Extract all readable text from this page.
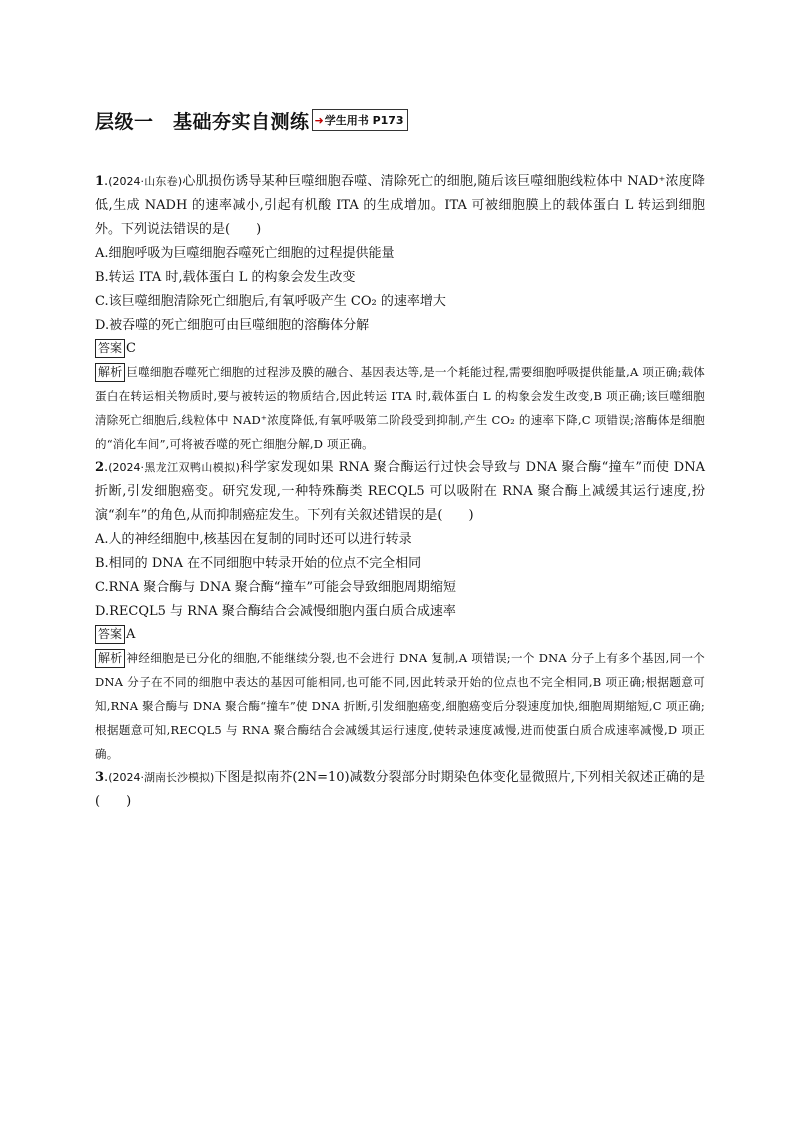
层级一　基础夯实自测练 ➜ 学生用书 P173

1.(2024·山东卷)心肌损伤诱导某种巨噬细胞吞噬、清除死亡的细胞,随后该巨噬细胞线粒体中 NAD⁺浓度降低,生成 NADH 的速率减小,引起有机酸 ITA 的生成增加。ITA 可被细胞膜上的载体蛋白 L 转运到细胞外。下列说法错误的是(　　)

A.细胞呼吸为巨噬细胞吞噬死亡细胞的过程提供能量

B.转运 ITA 时,载体蛋白 L 的构象会发生改变

C.该巨噬细胞清除死亡细胞后,有氧呼吸产生 CO₂ 的速率增大

D.被吞噬的死亡细胞可由巨噬细胞的溶酶体分解

答案 C

解析 巨噬细胞吞噬死亡细胞的过程涉及膜的融合、基因表达等,是一个耗能过程,需要细胞呼吸提供能量,A 项正确;载体蛋白在转运相关物质时,要与被转运的物质结合,因此转运 ITA 时,载体蛋白 L 的构象会发生改变,B 项正确;该巨噬细胞清除死亡细胞后,线粒体中 NAD⁺浓度降低,有氧呼吸第二阶段受到抑制,产生 CO₂ 的速率下降,C 项错误;溶酶体是细胞的“消化车间”,可将被吞噬的死亡细胞分解,D 项正确。

2.(2024·黑龙江双鸭山模拟)科学家发现如果 RNA 聚合酶运行过快会导致与 DNA 聚合酶“撞车”而使 DNA 折断,引发细胞癌变。研究发现,一种特殊酶类 RECQL5 可以吸附在 RNA 聚合酶上减缓其运行速度,扮演“刹车”的角色,从而抑制癌症发生。下列有关叙述错误的是(　　)

A.人的神经细胞中,核基因在复制的同时还可以进行转录

B.相同的 DNA 在不同细胞中转录开始的位点不完全相同

C.RNA 聚合酶与 DNA 聚合酶“撞车”可能会导致细胞周期缩短

D.RECQL5 与 RNA 聚合酶结合会减慢细胞内蛋白质合成速率

答案 A

解析 神经细胞是已分化的细胞,不能继续分裂,也不会进行 DNA 复制,A 项错误;一个 DNA 分子上有多个基因,同一个 DNA 分子在不同的细胞中表达的基因可能相同,也可能不同,因此转录开始的位点也不完全相同,B 项正确;根据题意可知,RNA 聚合酶与 DNA 聚合酶“撞车”使 DNA 折断,引发细胞癌变,细胞癌变后分裂速度加快,细胞周期缩短,C 项正确;根据题意可知,RECQL5 与 RNA 聚合酶结合会减缓其运行速度,使转录速度减慢,进而使蛋白质合成速率减慢,D 项正确。

3.(2024·湖南长沙模拟)下图是拟南芥(2N=10)减数分裂部分时期染色体变化显微照片,下列相关叙述正确的是(　　)
